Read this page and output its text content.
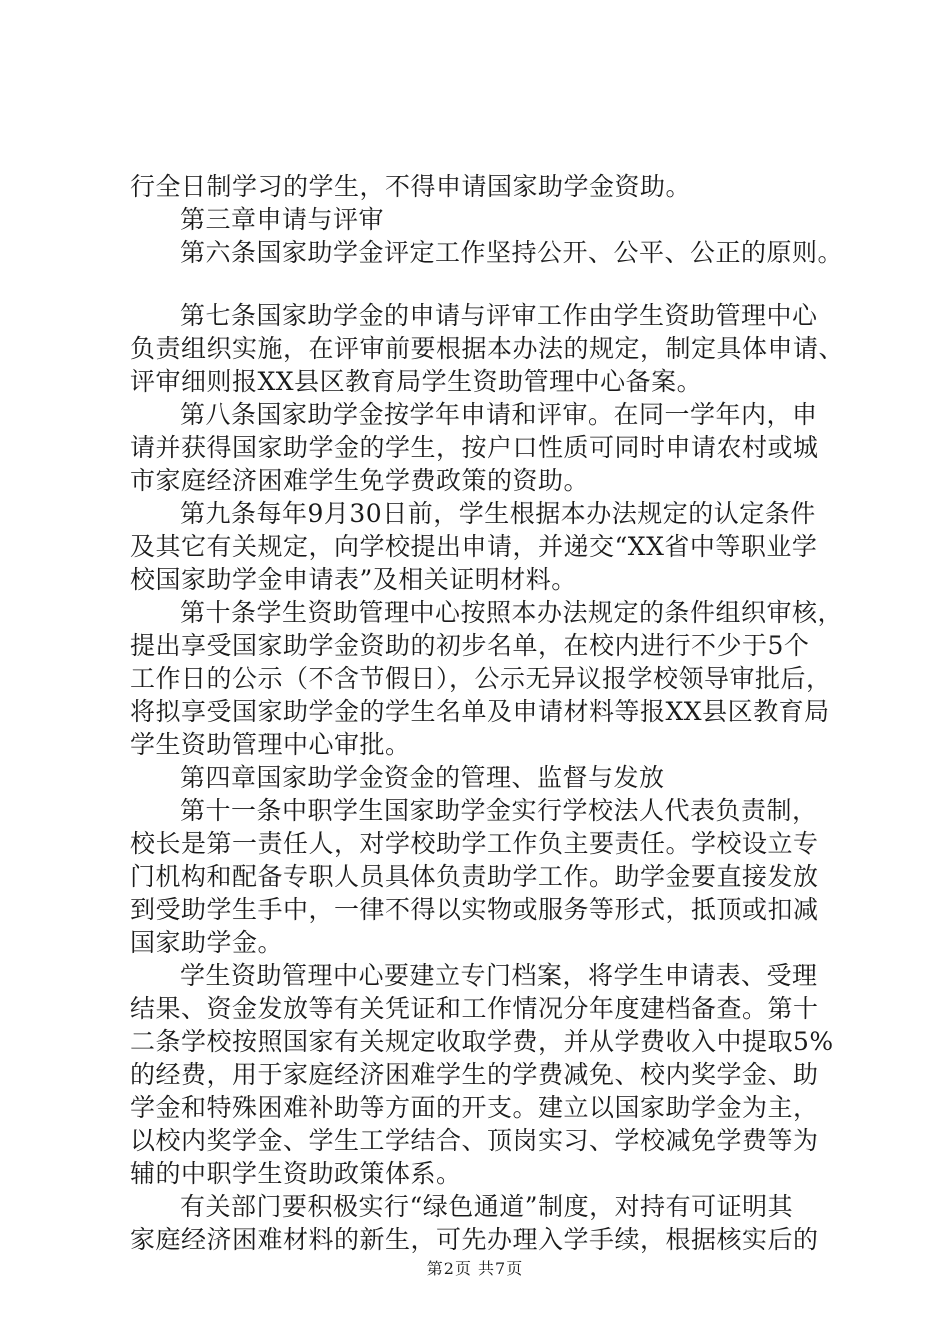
行全日制学习的学生，不得申请国家助学金资助。
第三章申请与评审
第六条国家助学金评定工作坚持公开、公平、公正的原则。
第七条国家助学金的申请与评审工作由学生资助管理中心
负责组织实施，在评审前要根据本办法的规定，制定具体申请、
评审细则报XX县区教育局学生资助管理中心备案。
第八条国家助学金按学年申请和评审。在同一学年内，申
请并获得国家助学金的学生，按户口性质可同时申请农村或城
市家庭经济困难学生免学费政策的资助。
第九条每年9月30日前，学生根据本办法规定的认定条件
及其它有关规定，向学校提出申请，并递交“XX省中等职业学
校国家助学金申请表”及相关证明材料。
第十条学生资助管理中心按照本办法规定的条件组织审核，
提出享受国家助学金资助的初步名单，在校内进行不少于5个
工作日的公示（不含节假日），公示无异议报学校领导审批后，
将拟享受国家助学金的学生名单及申请材料等报XX县区教育局
学生资助管理中心审批。
第四章国家助学金资金的管理、监督与发放
第十一条中职学生国家助学金实行学校法人代表负责制，
校长是第一责任人，对学校助学工作负主要责任。学校设立专
门机构和配备专职人员具体负责助学工作。助学金要直接发放
到受助学生手中，一律不得以实物或服务等形式，抵顶或扣减
国家助学金。
学生资助管理中心要建立专门档案，将学生申请表、受理
结果、资金发放等有关凭证和工作情况分年度建档备查。第十
二条学校按照国家有关规定收取学费，并从学费收入中提取5%
的经费，用于家庭经济困难学生的学费减免、校内奖学金、助
学金和特殊困难补助等方面的开支。建立以国家助学金为主，
以校内奖学金、学生工学结合、顶岗实习、学校减免学费等为
辅的中职学生资助政策体系。
有关部门要积极实行“绿色通道”制度，对持有可证明其
家庭经济困难材料的新生，可先办理入学手续，根据核实后的
第2页 共7页
